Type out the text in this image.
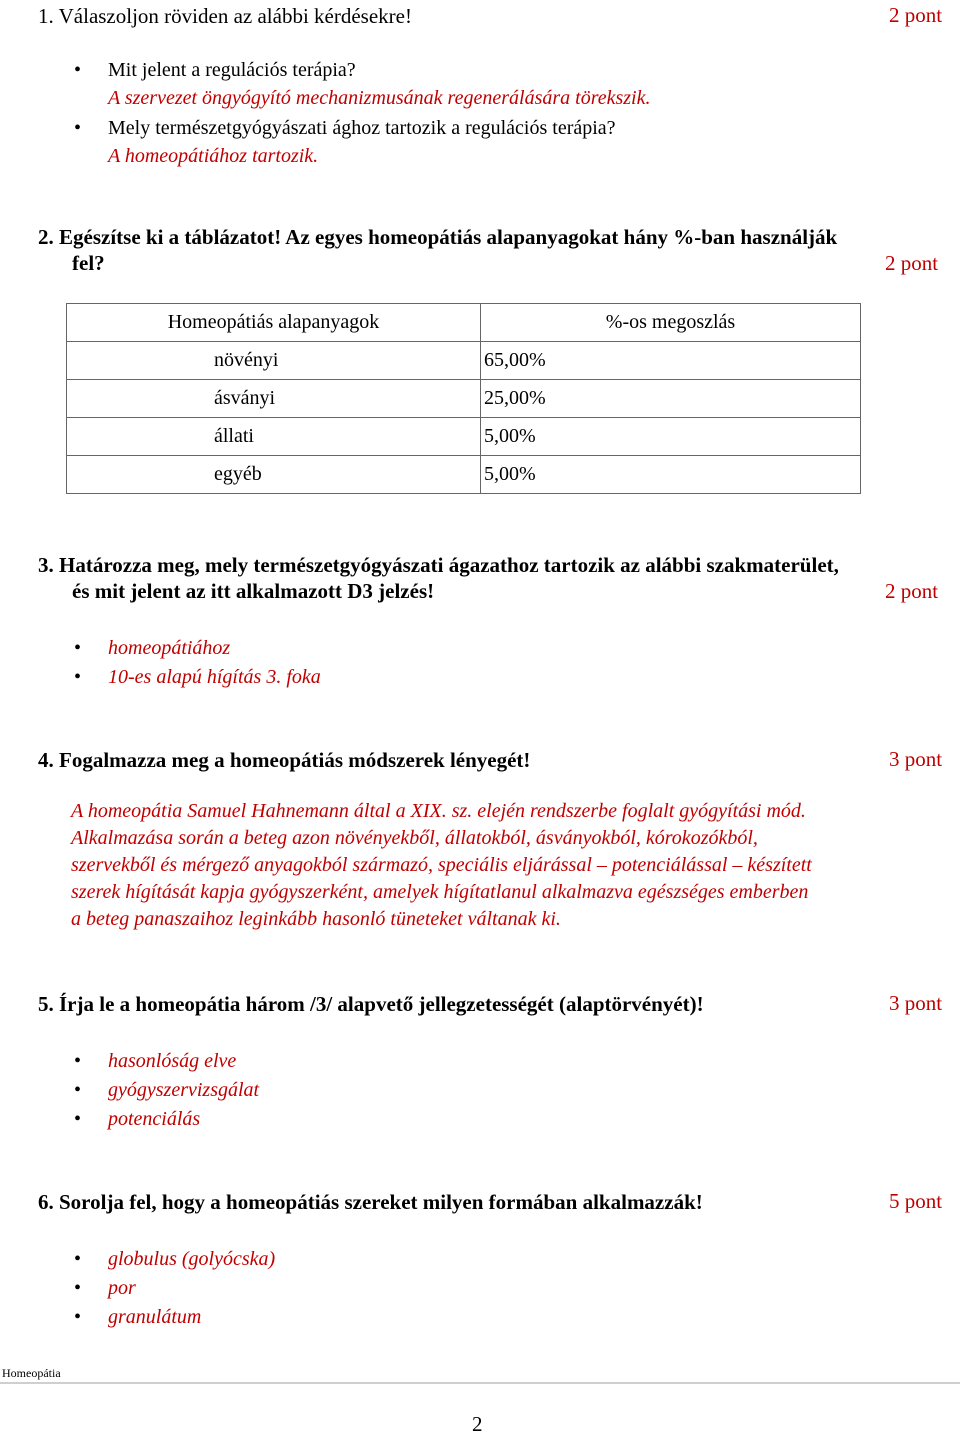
1. Válaszoljon röviden az alábbi kérdésekre!	2 pont
• Mit jelent a regulációs terápia?
A szervezet öngyógyító mechanizmusának regenerálására törekszik.
• Mely természetgyógyászati ághoz tartozik a regulációs terápia?
A homeopátiához tartozik.
2. Egészítse ki a táblázatot! Az egyes homeopátiás alapanyagokat hány %-ban használják
fel?	2 pont
Homeopátiás alapanyagok	%-os megoszlás

növényi 65,00%	

ásványi 25,00%	

állati 5,00%	

egyéb 5,00%	

3. Határozza meg, mely természetgyógyászati ágazathoz tartozik az alábbi szakmaterület,
és mit jelent az itt alkalmazott D3 jelzés!	2 pont
• homeopátiához
• 10-es alapú hígítás 3. foka
4. Fogalmazza meg a homeopátiás módszerek lényegét!	3 pont
A homeopátia Samuel Hahnemann által a XIX. sz. elején rendszerbe foglalt gyógyítási mód.
Alkalmazása során a beteg azon növényekből, állatokból, ásványokból, kórokozókból,
szervekből és mérgező anyagokból származó, speciális eljárással – potenciálással – készített
szerek hígítását kapja gyógyszerként, amelyek hígítatlanul alkalmazva egészséges emberben
a beteg panaszaihoz leginkább hasonló tüneteket váltanak ki.
5. Írja le a homeopátia három /3/ alapvető jellegzetességét (alaptörvényét)!	3 pont
• hasonlóság elve
• gyógyszervizsgálat
• potenciálás
6. Sorolja fel, hogy a homeopátiás szereket milyen formában alkalmazzák!	5 pont
• globulus (golyócska)
• por
• granulátum
Homeopátia
2
